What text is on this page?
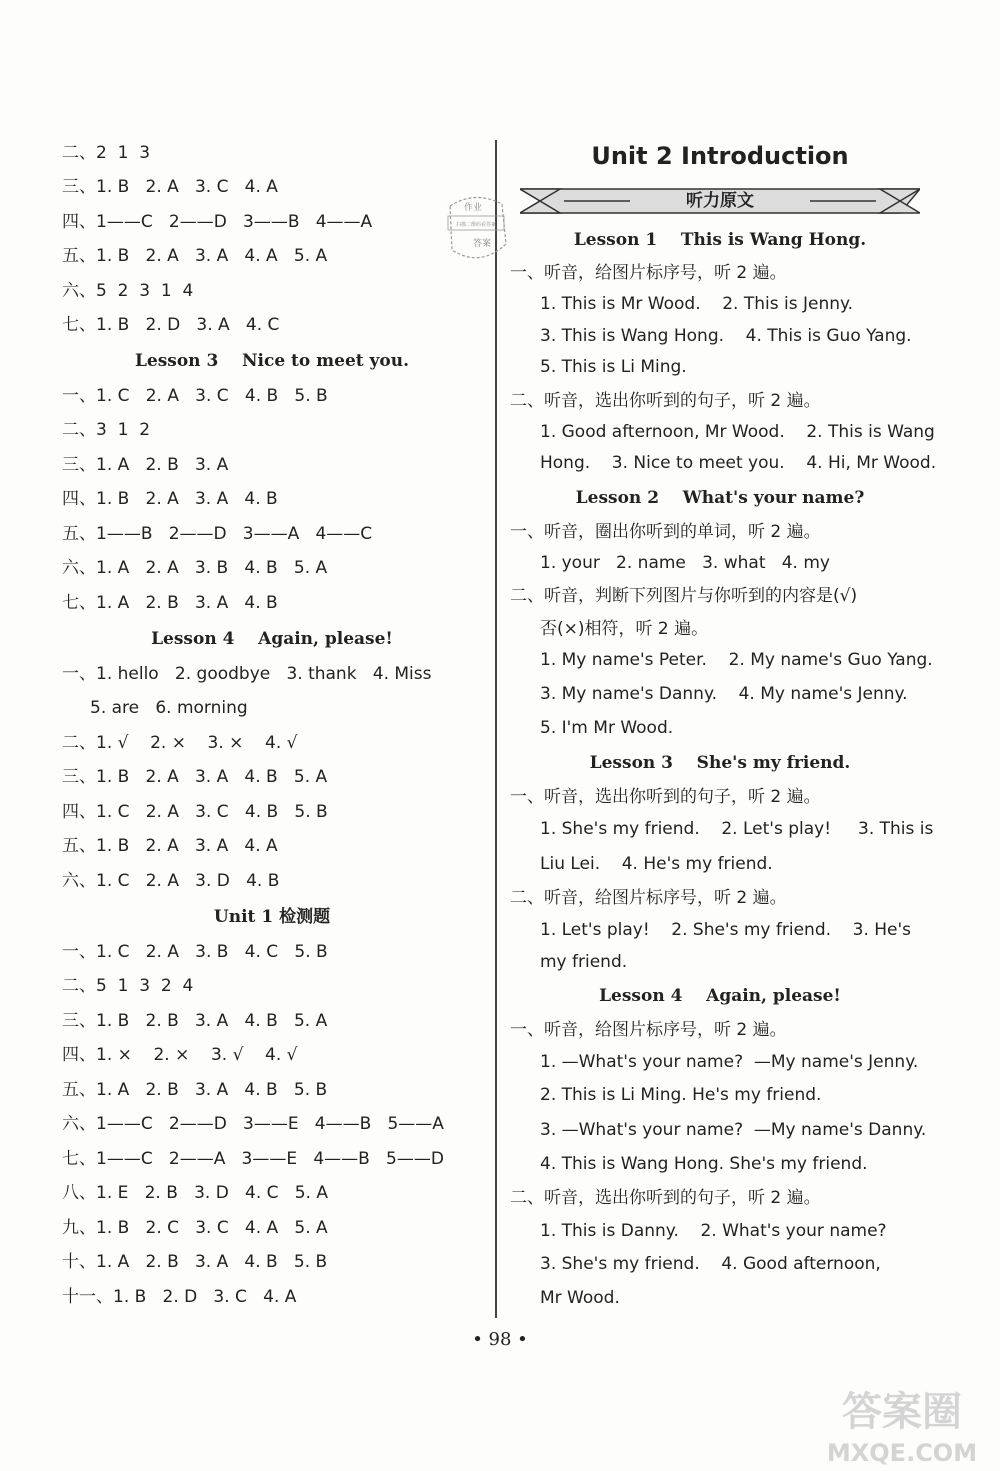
二、2  1  3
三、1. B   2. A   3. C   4. A
四、1——C   2——D   3——B   4——A
五、1. B   2. A   3. A   4. A   5. A
六、5  2  3  1  4
七、1. B   2. D   3. A   4. C
Lesson 3    Nice to meet you.
一、1. C   2. A   3. C   4. B   5. B
二、3  1  2
三、1. A   2. B   3. A
四、1. B   2. A   3. A   4. B
五、1——B   2——D   3——A   4——C
六、1. A   2. A   3. B   4. B   5. A
七、1. A   2. B   3. A   4. B
Lesson 4    Again, please!
一、1. hello   2. goodbye   3. thank   4. Miss
5. are   6. morning
二、1. √    2. ×    3. ×    4. √
三、1. B   2. A   3. A   4. B   5. A
四、1. C   2. A   3. C   4. B   5. B
五、1. B   2. A   3. A   4. A
六、1. C   2. A   3. D   4. B
Unit 1 检测题
一、1. C   2. A   3. B   4. C   5. B
二、5  1  3  2  4
三、1. B   2. B   3. A   4. B   5. A
四、1. ×    2. ×    3. √    4. √
五、1. A   2. B   3. A   4. B   5. B
六、1——C   2——D   3——E   4——B   5——A
七、1——C   2——A   3——E   4——B   5——D
八、1. E   2. B   3. D   4. C   5. A
九、1. B   2. C   3. C   4. A   5. A
十、1. A   2. B   3. A   4. B   5. B
十一、1. B   2. D   3. C   4. A
Unit 2 Introduction
听力原文
作业
扫描二维码看答案
答案	Lesson 1    This is Wang Hong.
一、听音，给图片标序号，听 2 遍。
1. This is Mr Wood.    2. This is Jenny.
3. This is Wang Hong.    4. This is Guo Yang.
5. This is Li Ming.
二、听音，选出你听到的句子，听 2 遍。
1. Good afternoon, Mr Wood.    2. This is Wang
Hong.    3. Nice to meet you.    4. Hi, Mr Wood.
Lesson 2    What's your name?
一、听音，圈出你听到的单词，听 2 遍。
1. your   2. name   3. what   4. my
二、听音，判断下列图片与你听到的内容是(√)
否(×)相符，听 2 遍。
1. My name's Peter.    2. My name's Guo Yang.
3. My name's Danny.    4. My name's Jenny.
5. I'm Mr Wood.
Lesson 3    She's my friend.
一、听音，选出你听到的句子，听 2 遍。
1. She's my friend.    2. Let's play!     3. This is
Liu Lei.    4. He's my friend.
二、听音，给图片标序号，听 2 遍。
1. Let's play!    2. She's my friend.    3. He's
my friend.
Lesson 4    Again, please!
一、听音，给图片标序号，听 2 遍。
1. —What's your name?  —My name's Jenny.
2. This is Li Ming. He's my friend.
3. —What's your name?  —My name's Danny.
4. This is Wang Hong. She's my friend.
二、听音，选出你听到的句子，听 2 遍。
1. This is Danny.    2. What's your name?
3. She's my friend.    4. Good afternoon,
Mr Wood.
• 98 •
答案圈
MXQE.COM
